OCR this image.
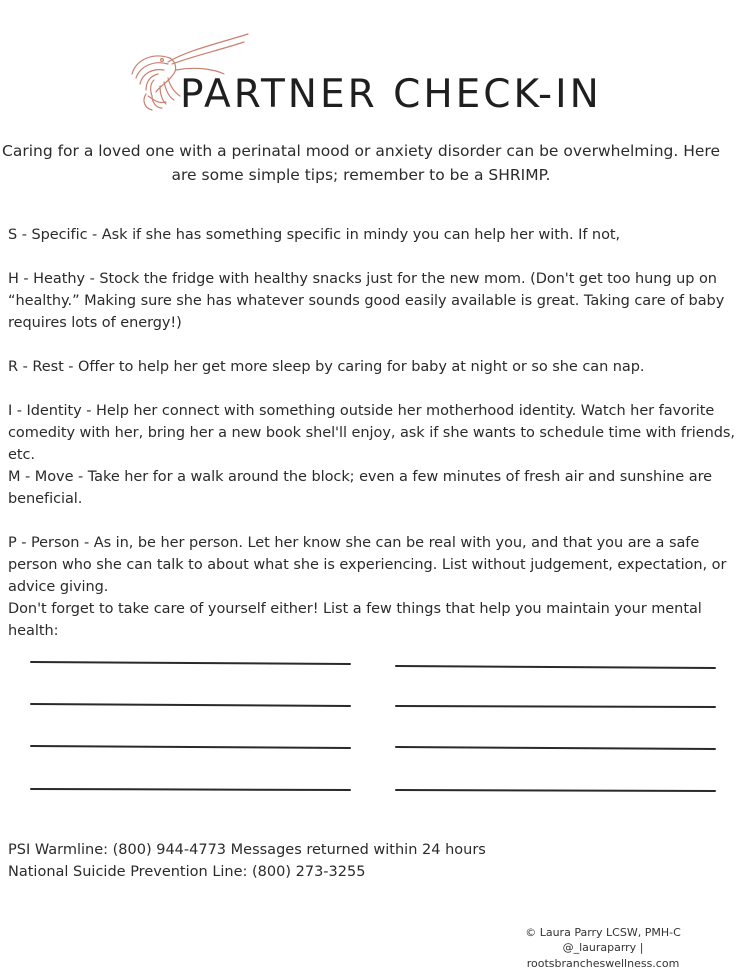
PARTNER CHECK-IN
Caring for a loved one with a perinatal mood or anxiety disorder can be overwhelming. Here are some simple tips; remember to be a SHRIMP.
S - Specific - Ask if she has something specific in mindy you can help her with. If not,
H - Heathy - Stock the fridge with healthy snacks just for the new mom. (Don't get too hung up on “healthy.” Making sure she has whatever sounds good easily available is great. Taking care of baby requires lots of energy!)
R - Rest - Offer to help her get more sleep by caring for baby at night or so she can nap.
I - Identity - Help her connect with something outside her motherhood identity. Watch her favorite comedity with her, bring her a new book shel'll enjoy, ask if she wants to schedule time with friends, etc.
M - Move - Take her for a walk around the block; even a few minutes of fresh air and sunshine are beneficial.
P - Person - As in, be her person. Let her know she can be real with you, and that you are a safe person who she can talk to about what she is experiencing. List without judgement, expectation, or advice giving.
Don't forget to take care of yourself either! List a few things that help you maintain your mental health:
PSI Warmline: (800) 944-4773 Messages returned within 24 hours
National Suicide Prevention Line: (800) 273-3255
© Laura Parry LCSW, PMH-C
@_lauraparry | rootsbrancheswellness.com
